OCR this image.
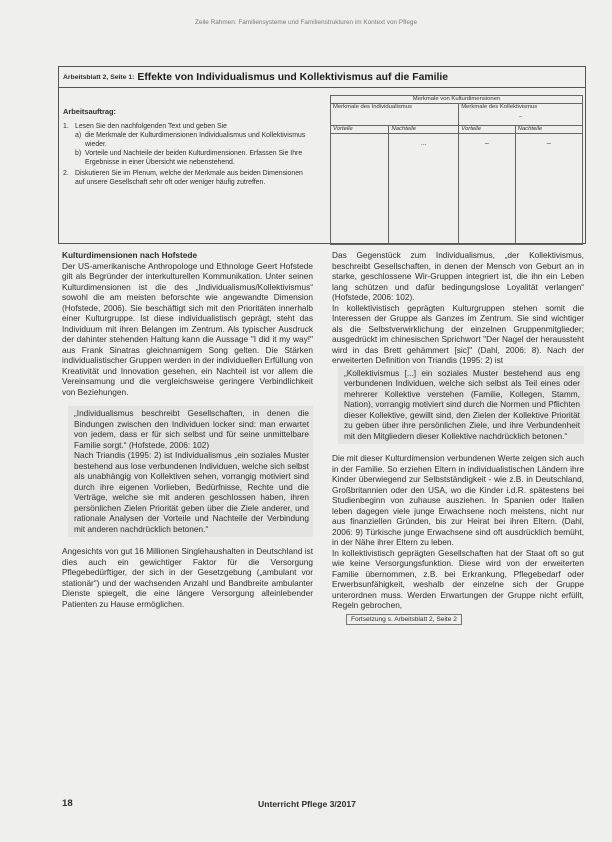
Zeile Rahmen: Familiensysteme und Familienstrukturen im Kontext von Pflege
Arbeitsblatt 2, Seite 1: Effekte von Individualismus und Kollektivismus auf die Familie
Arbeitsauftrag:
1. Lesen Sie den nachfolgenden Text und geben Sie
a) die Merkmale der Kulturdimensionen Individualismus und Kollektivismus wieder.
b) Vorteile und Nachteile der beiden Kulturdimensionen. Erfassen Sie Ihre Ergebnisse in einer Übersicht wie nebenstehend.
2. Diskutieren Sie im Plenum, welche der Merkmale aus beiden Dimensionen auf unsere Gesellschaft sehr oft oder weniger häufig zutreffen.
Merkmale von Kulturdimensionen			
Merkmale des Individualismus		Merkmale des Kollektivismus
–	

Vorteile	Nachteile	Vorteile	Nachteile
	...	–	–
Kulturdimensionen nach Hofstede

Der US-amerikanische Anthropologe und Ethnologe Geert Hofstede gilt als Begründer der interkulturellen Kommunikation. Unter seinen Kulturdimensionen ist die des „Individualismus/Kollektivismus“ sowohl die am meisten beforschte wie angewandte Dimension (Hofstede, 2006). Sie beschäftigt sich mit den Prioritäten innerhalb einer Kulturgruppe. Ist diese individualistisch geprägt, steht das Individuum mit ihren Belangen im Zentrum. Als typischer Ausdruck der dahinter stehenden Haltung kann die Aussage "I did it my way!" aus Frank Sinatras gleichnamigem Song gelten. Die Stärken individualistischer Gruppen werden in der individuellen Erfüllung von Kreativität und Innovation gesehen, ein Nachteil ist vor allem die Vereinsamung und die vergleichsweise geringere Verbindlichkeit von Beziehungen.

„Individualismus beschreibt Gesellschaften, in denen die Bindungen zwischen den Individuen locker sind: man erwartet von jedem, dass er für sich selbst und für seine unmittelbare Familie sorgt.“ (Hofstede, 2006: 102)

Nach Triandis (1995: 2) ist Individualismus „ein soziales Muster bestehend aus lose verbundenen Individuen, welche sich selbst als unabhängig von Kollektiven sehen, vorrangig motiviert sind durch ihre eigenen Vorlieben, Bedürfnisse, Rechte und die Verträge, welche sie mit anderen geschlossen haben, ihren persönlichen Zielen Priorität geben über die Ziele anderer, und rationale Analysen der Vorteile und Nachteile der Verbindung mit anderen nachdrücklich betonen.“

Angesichts von gut 16 Millionen Singlehaushalten in Deutschland ist dies auch ein gewichtiger Faktor für die Versorgung Pflegebedürftiger, der sich in der Gesetzgebung („ambulant vor stationär“) und der wachsenden Anzahl und Bandbreite ambulanter Dienste spiegelt, die eine längere Versorgung alleinlebender Patienten zu Hause ermöglichen.

Das Gegenstück zum Individualismus, „der Kollektivismus, beschreibt Gesellschaften, in denen der Mensch von Geburt an in starke, geschlossene Wir-Gruppen integriert ist, die ihn ein Leben lang schützen und dafür bedingungslose Loyalität verlangen“ (Hofstede, 2006: 102).

In kollektivistisch geprägten Kulturgruppen stehen somit die Interessen der Gruppe als Ganzes im Zentrum. Sie sind wichtiger als die Selbstverwirklichung der einzelnen Gruppenmitglieder; ausgedrückt im chinesischen Sprichwort "Der Nagel der heraussteht wird in das Brett gehämmert [sic]" (Dahl, 2006: 8). Nach der erweiterten Definition von Triandis (1995: 2) ist

„Kollektivismus [...] ein soziales Muster bestehend aus eng verbundenen Individuen, welche sich selbst als Teil eines oder mehrerer Kollektive verstehen (Familie, Kollegen, Stamm, Nation), vorrangig motiviert sind durch die Normen und Pflichten dieser Kollektive, gewillt sind, den Zielen der Kollektive Priorität zu geben über ihre persönlichen Ziele, und ihre Verbundenheit mit den Mitgliedern dieser Kollektive nachdrücklich betonen.“

Die mit dieser Kulturdimension verbundenen Werte zeigen sich auch in der Familie. So erziehen Eltern in individualistischen Ländern ihre Kinder überwiegend zur Selbstständigkeit - wie z.B. in Deutschland, Großbritannien oder den USA, wo die Kinder i.d.R. spätestens bei Studienbeginn von zuhause ausziehen. In Spanien oder Italien leben dagegen viele junge Erwachsene noch meistens, nicht nur aus finanziellen Gründen, bis zur Heirat bei ihren Eltern. (Dahl, 2006: 9) Türkische junge Erwachsene sind oft ausdrücklich bemüht, in der Nähe ihrer Eltern zu leben.

In kollektivistisch geprägten Gesellschaften hat der Staat oft so gut wie keine Versorgungsfunktion. Diese wird von der erweiterten Familie übernommen, z.B. bei Erkrankung, Pflegebedarf oder Erwerbsunfähigkeit, weshalb der einzelne sich der Gruppe unterordnen muss. Werden Erwartungen der Gruppe nicht erfüllt, Regeln gebrochen,

Fortsetzung s. Arbeitsblatt 2, Seite 2
18	Unterricht Pflege 3/2017
